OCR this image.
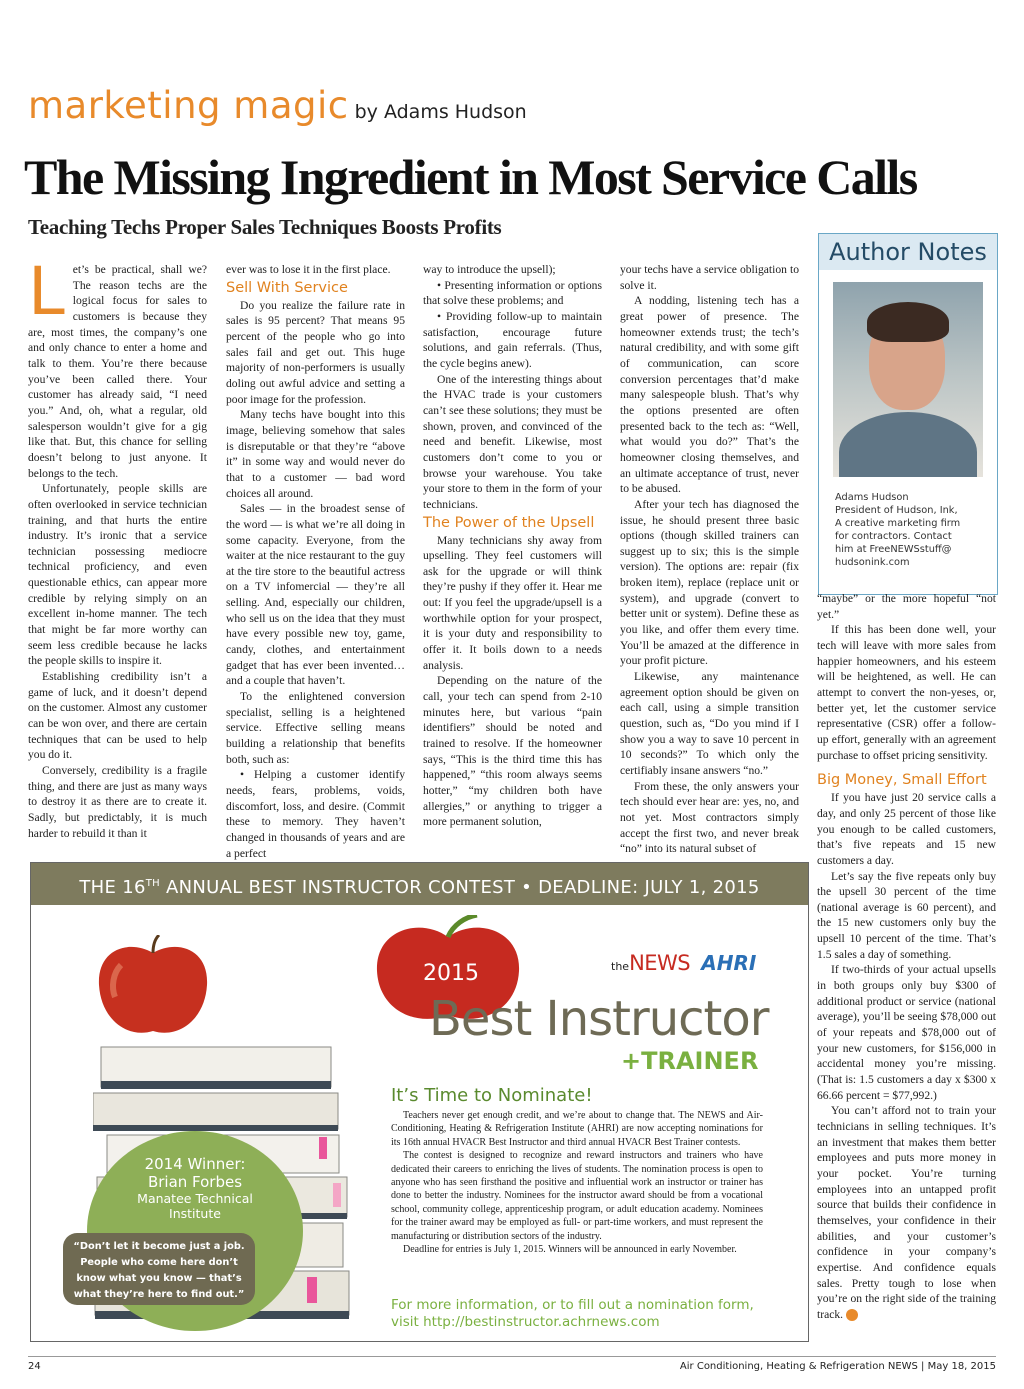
marketing magic by Adams Hudson
The Missing Ingredient in Most Service Calls
Teaching Techs Proper Sales Techniques Boosts Profits
L et’s be practical, shall we? The reason techs are the logical focus for sales to customers is because they are, most times, the company’s one and only chance to enter a home and talk to them. You’re there because you’ve been called there. Your customer has already said, “I need you.” And, oh, what a regular, old salesperson wouldn’t give for a gig like that. But, this chance for selling doesn’t belong to just anyone. It belongs to the tech.

Unfortunately, people skills are often overlooked in service technician training, and that hurts the entire industry. It’s ironic that a service technician possessing mediocre technical proficiency, and even questionable ethics, can appear more credible by relying simply on an excellent in-home manner. The tech that might be far more worthy can seem less credible because he lacks the people skills to inspire it.

Establishing credibility isn’t a game of luck, and it doesn’t depend on the customer. Almost any customer can be won over, and there are certain techniques that can be used to help you do it.

Conversely, credibility is a fragile thing, and there are just as many ways to destroy it as there are to create it. Sadly, but predictably, it is much harder to rebuild it than it

ever was to lose it in the first place.

Sell With Service

Do you realize the failure rate in sales is 95 percent? That means 95 percent of the people who go into sales fail and get out. This huge majority of non-performers is usually doling out awful advice and setting a poor image for the profession.

Many techs have bought into this image, believing somehow that sales is disreputable or that they’re “above it” in some way and would never do that to a customer — bad word choices all around.

Sales — in the broadest sense of the word — is what we’re all doing in some capacity. Everyone, from the waiter at the nice restaurant to the guy at the tire store to the beautiful actress on a TV infomercial — they’re all selling. And, especially our children, who sell us on the idea that they must have every possible new toy, game, candy, clothes, and entertainment gadget that has ever been invented… and a couple that haven’t.

To the enlightened conversion specialist, selling is a heightened service. Effective selling means building a relationship that benefits both, such as:

• Helping a customer identify needs, fears, problems, voids, discomfort, loss, and desire. (Commit these to memory. They haven’t changed in thousands of years and are a perfect

way to introduce the upsell);

• Presenting information or options that solve these problems; and

• Providing follow-up to maintain satisfaction, encourage future solutions, and gain referrals. (Thus, the cycle begins anew).

One of the interesting things about the HVAC trade is your customers can’t see these solutions; they must be shown, proven, and convinced of the need and benefit. Likewise, most customers don’t come to you or browse your warehouse. You take your store to them in the form of your technicians.

The Power of the Upsell

Many technicians shy away from upselling. They feel customers will ask for the upgrade or will think they’re pushy if they offer it. Hear me out: If you feel the upgrade/upsell is a worthwhile option for your prospect, it is your duty and responsibility to offer it. It boils down to a needs analysis.

Depending on the nature of the call, your tech can spend from 2-10 minutes here, but various “pain identifiers” should be noted and trained to resolve. If the homeowner says, “This is the third time this has happened,” “this room always seems hotter,” “my children both have allergies,” or anything to trigger a more permanent solution,

your techs have a service obligation to solve it.

A nodding, listening tech has a great power of presence. The homeowner extends trust; the tech’s natural credibility, and with some gift of communication, can score conversion percentages that’d make many salespeople blush. That’s why the options presented are often presented back to the tech as: “Well, what would you do?” That’s the homeowner closing themselves, and an ultimate acceptance of trust, never to be abused.

After your tech has diagnosed the issue, he should present three basic options (though skilled trainers can suggest up to six; this is the simple version). The options are: repair (fix broken item), replace (replace unit or system), and upgrade (convert to better unit or system). Define these as you like, and offer them every time. You’ll be amazed at the difference in your profit picture.

Likewise, any maintenance agreement option should be given on each call, using a simple transition question, such as, “Do you mind if I show you a way to save 10 percent in 10 seconds?” To which only the certifiably insane answers “no.”

From these, the only answers your tech should ever hear are: yes, no, and not yet. Most contractors simply accept the first two, and never break “no” into its natural subset of

Author Notes
Adams Hudson
President of Hudson, Ink,
A creative marketing firm
for contractors. Contact
him at FreeNEWSstuff@
hudsonink.com

“maybe” or the more hopeful “not yet.”

If this has been done well, your tech will leave with more sales from happier homeowners, and his esteem will be heightened, as well. He can attempt to convert the non-yeses, or, better yet, let the customer service representative (CSR) offer a follow-up effort, generally with an agreement purchase to offset pricing sensitivity.

Big Money, Small Effort

If you have just 20 service calls a day, and only 25 percent of those like you enough to be called customers, that’s five repeats and 15 new customers a day.

Let’s say the five repeats only buy the upsell 30 percent of the time (national average is 60 percent), and the 15 new customers only buy the upsell 10 percent of the time. That’s 1.5 sales a day of something.

If two-thirds of your actual upsells in both groups only buy $300 of additional product or service (national average), you’ll be seeing $78,000 out of your repeats and $78,000 out of your new customers, for $156,000 in accidental money you’re missing. (That is: 1.5 customers a day x $300 x 66.66 percent = $77,992.)

You can’t afford not to train your technicians in selling techniques. It’s an investment that makes them better employees and puts more money in your pocket. You’re turning employees into an untapped profit source that builds their confidence in themselves, your confidence in their abilities, and your customer’s confidence in your company’s expertise. And confidence equals sales. Pretty tough to lose when you’re on the right side of the training track. N

THE 16TH ANNUAL BEST INSTRUCTOR CONTEST • DEADLINE: JULY 1, 2015
2014 Winner:
Brian Forbes
Manatee Technical
Institute
“Don’t let it become just a job. People who come here don’t know what you know — that’s what they’re here to find out.”
2015	theNEWS AHRI
Best Instructor
+TRAINER
It’s Time to Nominate!

Teachers never get enough credit, and we’re about to change that. The NEWS and Air-Conditioning, Heating & Refrigeration Institute (AHRI) are now accepting nominations for its 16th annual HVACR Best Instructor and third annual HVACR Best Trainer contests.

The contest is designed to recognize and reward instructors and trainers who have dedicated their careers to enriching the lives of students. The nomination process is open to anyone who has seen firsthand the positive and influential work an instructor or trainer has done to better the industry. Nominees for the instructor award should be from a vocational school, community college, apprenticeship program, or adult education academy. Nominees for the trainer award may be employed as full- or part-time workers, and must represent the manufacturing or distribution sectors of the industry.

Deadline for entries is July 1, 2015. Winners will be announced in early November.

For more information, or to fill out a nomination form, visit http://bestinstructor.achrnews.com
24	Air Conditioning, Heating & Refrigeration NEWS | May 18, 2015
